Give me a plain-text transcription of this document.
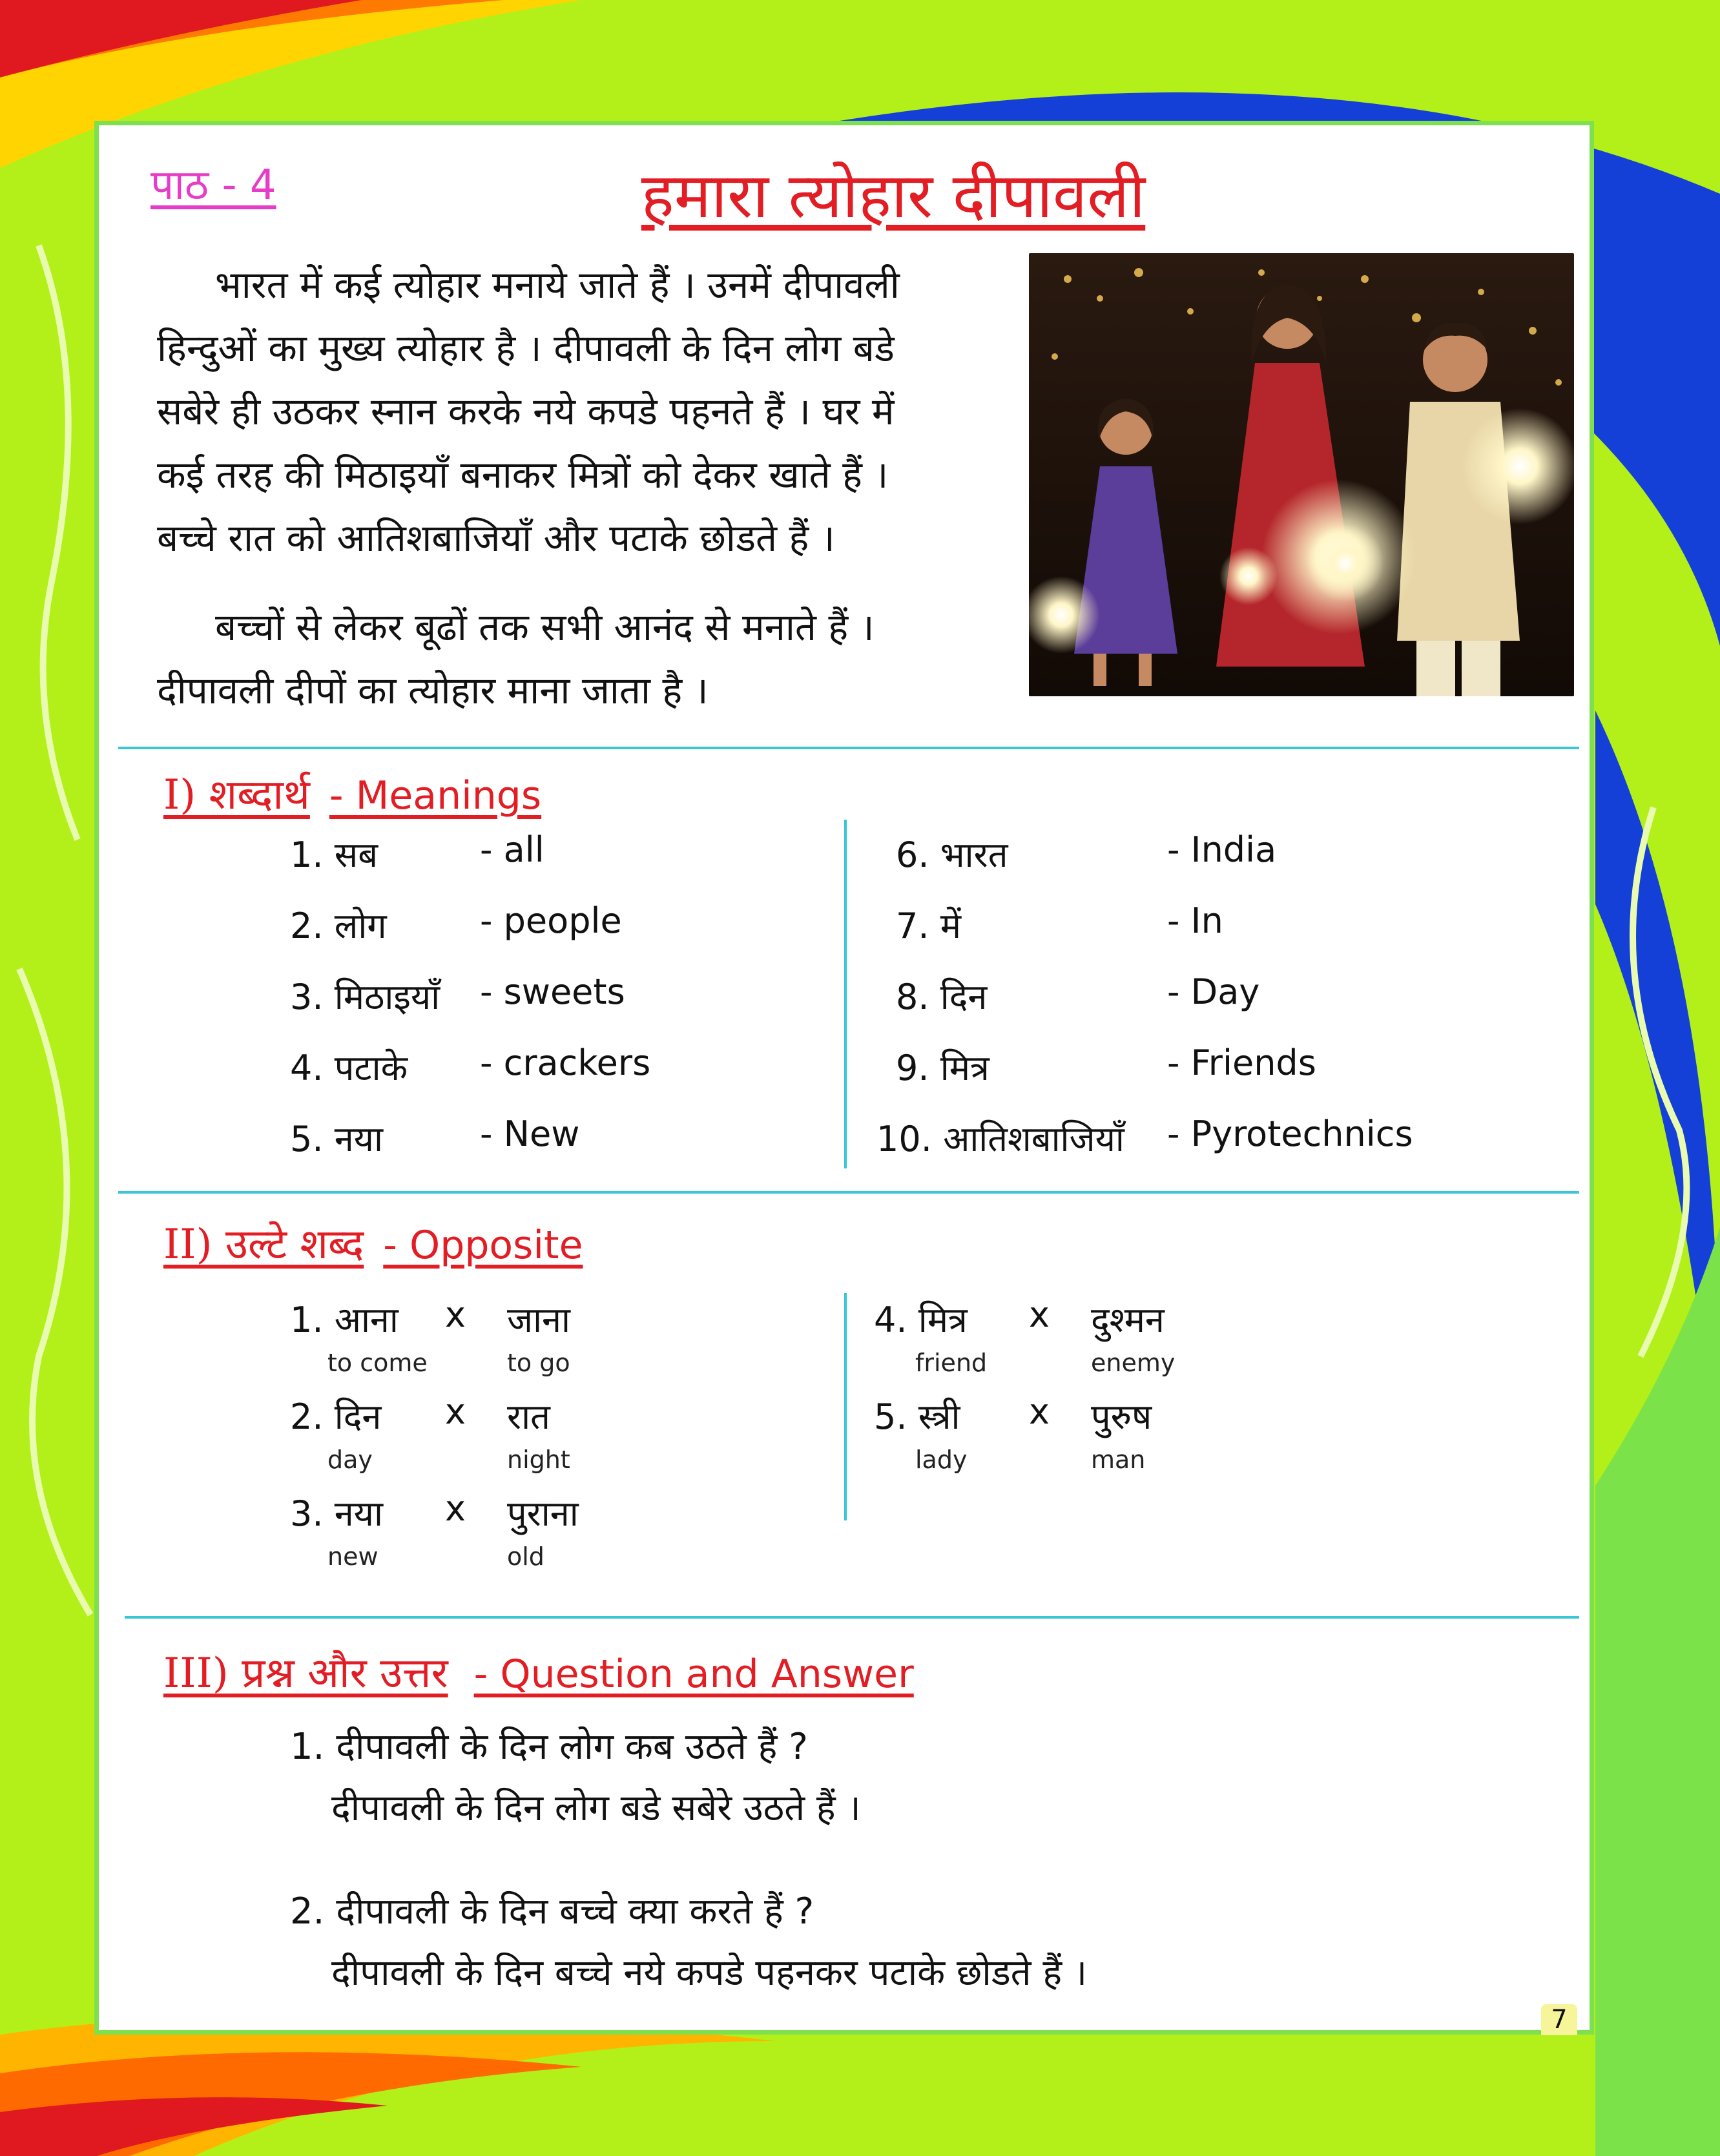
पाठ - 4	हमारा त्योहार दीपावली
भारत में कई त्योहार मनाये जाते हैं । उनमें दीपावली
हिन्दुओं का मुख्य त्योहार है । दीपावली के दिन लोग बडे
सबेरे ही उठकर स्नान करके नये कपडे पहनते हैं । घर में
कई तरह की मिठाइयाँ बनाकर मित्रों को देकर खाते हैं ।
बच्चे रात को आतिशबाजियाँ और पटाके छोडते हैं ।
बच्चों से लेकर बूढों तक सभी आनंद से मनाते हैं ।
दीपावली दीपों का त्योहार माना जाता है ।
I) शब्दार्थ - Meanings
1. सब	- all
2. लोग	- people
3. मिठाइयाँ - sweets
4. पटाके - crackers
5. नया	- New
6. भारत	- India
7. में	- In
8. दिन	- Day
9. मित्र	- Friends
10. आतिशबाजियाँ - Pyrotechnics
II) उल्टे शब्द - Opposite
1. आना x जाना
to come	to go
2. दिन x रात
day	night
3. नया x पुराना
new	old
4. मित्र x दुश्मन
friend	enemy
5. स्त्री x पुरुष
lady	man
III) प्रश्न और उत्तर - Question and Answer
1. दीपावली के दिन लोग कब उठते हैं ?
दीपावली के दिन लोग बडे सबेरे उठते हैं ।
2. दीपावली के दिन बच्चे क्या करते हैं ?
दीपावली के दिन बच्चे नये कपडे पहनकर पटाके छोडते हैं ।
7
